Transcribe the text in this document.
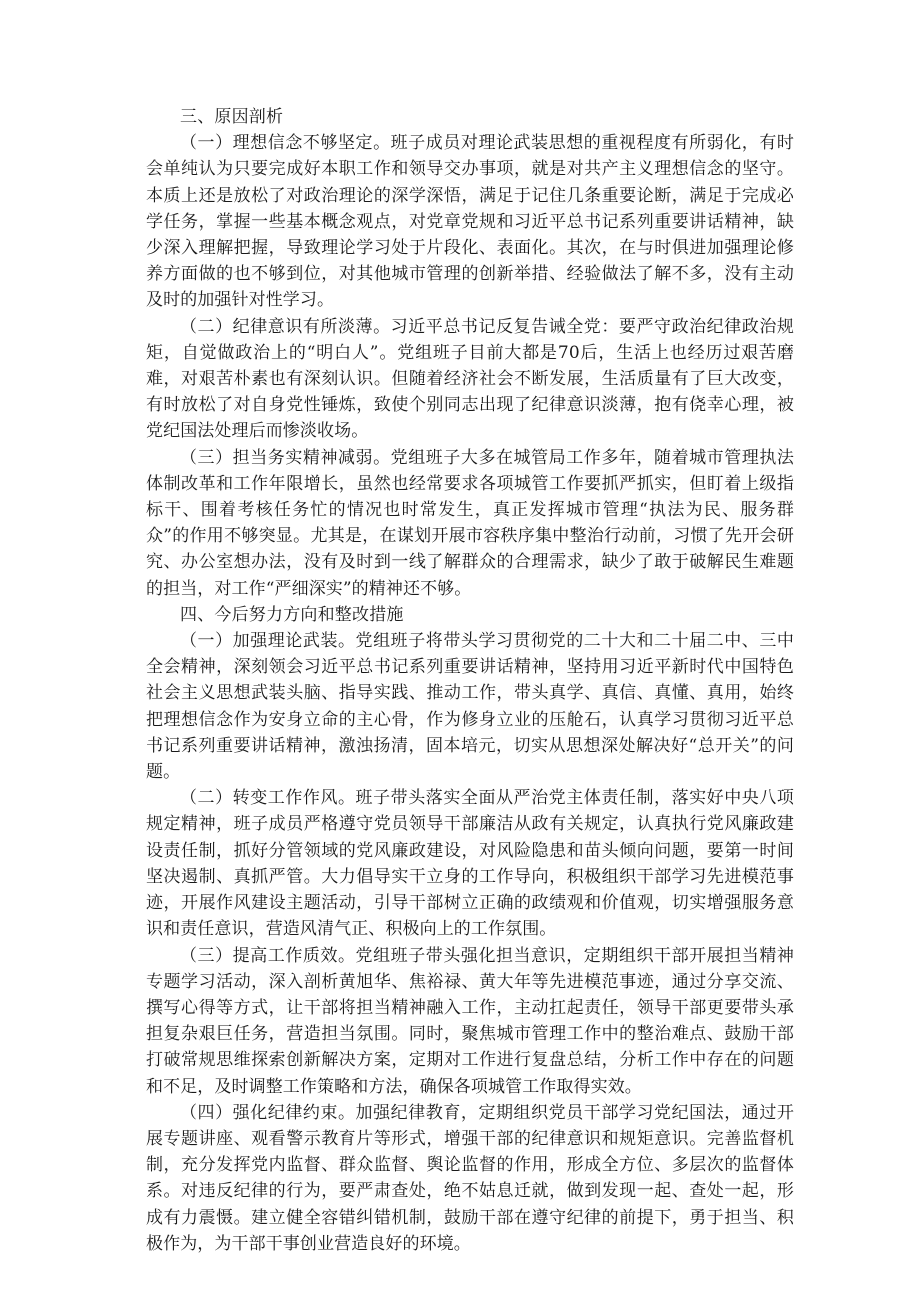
三、原因剖析

（一）理想信念不够坚定。班子成员对理论武装思想的重视程度有所弱化，有时会单纯认为只要完成好本职工作和领导交办事项，就是对共产主义理想信念的坚守。本质上还是放松了对政治理论的深学深悟，满足于记住几条重要论断，满足于完成必学任务，掌握一些基本概念观点，对党章党规和习近平总书记系列重要讲话精神，缺少深入理解把握，导致理论学习处于片段化、表面化。其次，在与时俱进加强理论修养方面做的也不够到位，对其他城市管理的创新举措、经验做法了解不多，没有主动及时的加强针对性学习。

（二）纪律意识有所淡薄。习近平总书记反复告诫全党：要严守政治纪律政治规矩，自觉做政治上的“明白人”。党组班子目前大都是70后，生活上也经历过艰苦磨难，对艰苦朴素也有深刻认识。但随着经济社会不断发展，生活质量有了巨大改变，有时放松了对自身党性锤炼，致使个别同志出现了纪律意识淡薄，抱有侥幸心理，被党纪国法处理后而惨淡收场。

（三）担当务实精神减弱。党组班子大多在城管局工作多年，随着城市管理执法体制改革和工作年限增长，虽然也经常要求各项城管工作要抓严抓实，但盯着上级指标干、围着考核任务忙的情况也时常发生，真正发挥城市管理“执法为民、服务群众”的作用不够突显。尤其是，在谋划开展市容秩序集中整治行动前，习惯了先开会研究、办公室想办法，没有及时到一线了解群众的合理需求，缺少了敢于破解民生难题的担当，对工作“严细深实”的精神还不够。

四、今后努力方向和整改措施

（一）加强理论武装。党组班子将带头学习贯彻党的二十大和二十届二中、三中全会精神，深刻领会习近平总书记系列重要讲话精神，坚持用习近平新时代中国特色社会主义思想武装头脑、指导实践、推动工作，带头真学、真信、真懂、真用，始终把理想信念作为安身立命的主心骨，作为修身立业的压舱石，认真学习贯彻习近平总书记系列重要讲话精神，激浊扬清，固本培元，切实从思想深处解决好“总开关”的问题。

（二）转变工作作风。班子带头落实全面从严治党主体责任制，落实好中央八项规定精神，班子成员严格遵守党员领导干部廉洁从政有关规定，认真执行党风廉政建设责任制，抓好分管领域的党风廉政建设，对风险隐患和苗头倾向问题，要第一时间坚决遏制、真抓严管。大力倡导实干立身的工作导向，积极组织干部学习先进模范事迹，开展作风建设主题活动，引导干部树立正确的政绩观和价值观，切实增强服务意识和责任意识，营造风清气正、积极向上的工作氛围。

（三）提高工作质效。党组班子带头强化担当意识，定期组织干部开展担当精神专题学习活动，深入剖析黄旭华、焦裕禄、黄大年等先进模范事迹，通过分享交流、撰写心得等方式，让干部将担当精神融入工作，主动扛起责任，领导干部更要带头承担复杂艰巨任务，营造担当氛围。同时，聚焦城市管理工作中的整治难点、鼓励干部打破常规思维探索创新解决方案，定期对工作进行复盘总结，分析工作中存在的问题和不足，及时调整工作策略和方法，确保各项城管工作取得实效。

（四）强化纪律约束。加强纪律教育，定期组织党员干部学习党纪国法，通过开展专题讲座、观看警示教育片等形式，增强干部的纪律意识和规矩意识。完善监督机制，充分发挥党内监督、群众监督、舆论监督的作用，形成全方位、多层次的监督体系。对违反纪律的行为，要严肃查处，绝不姑息迁就，做到发现一起、查处一起，形成有力震慑。建立健全容错纠错机制，鼓励干部在遵守纪律的前提下，勇于担当、积极作为，为干部干事创业营造良好的环境。
